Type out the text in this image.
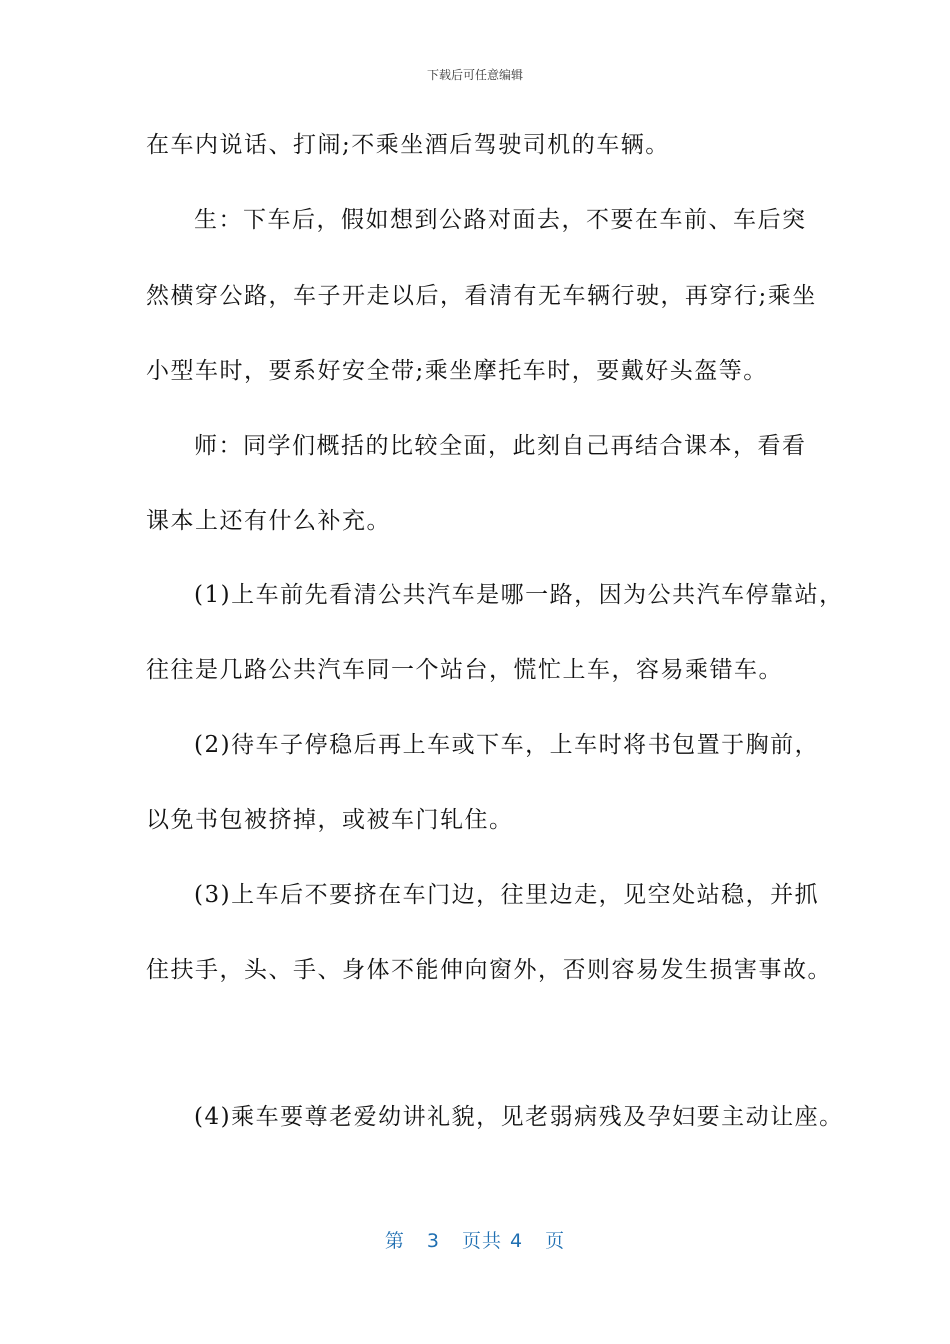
下载后可任意编辑
在车内说话、打闹;不乘坐酒后驾驶司机的车辆。
生：下车后，假如想到公路对面去，不要在车前、车后突
然横穿公路，车子开走以后，看清有无车辆行驶，再穿行;乘坐
小型车时，要系好安全带;乘坐摩托车时，要戴好头盔等。
师：同学们概括的比较全面，此刻自己再结合课本，看看
课本上还有什么补充。
(1)上车前先看清公共汽车是哪一路，因为公共汽车停靠站，
往往是几路公共汽车同一个站台，慌忙上车，容易乘错车。
(2)待车子停稳后再上车或下车，上车时将书包置于胸前，
以免书包被挤掉，或被车门轧住。
(3)上车后不要挤在车门边，往里边走，见空处站稳，并抓
住扶手，头、手、身体不能伸向窗外，否则容易发生损害事故。
(4)乘车要尊老爱幼讲礼貌，见老弱病残及孕妇要主动让座。
第 3 页共 4 页
